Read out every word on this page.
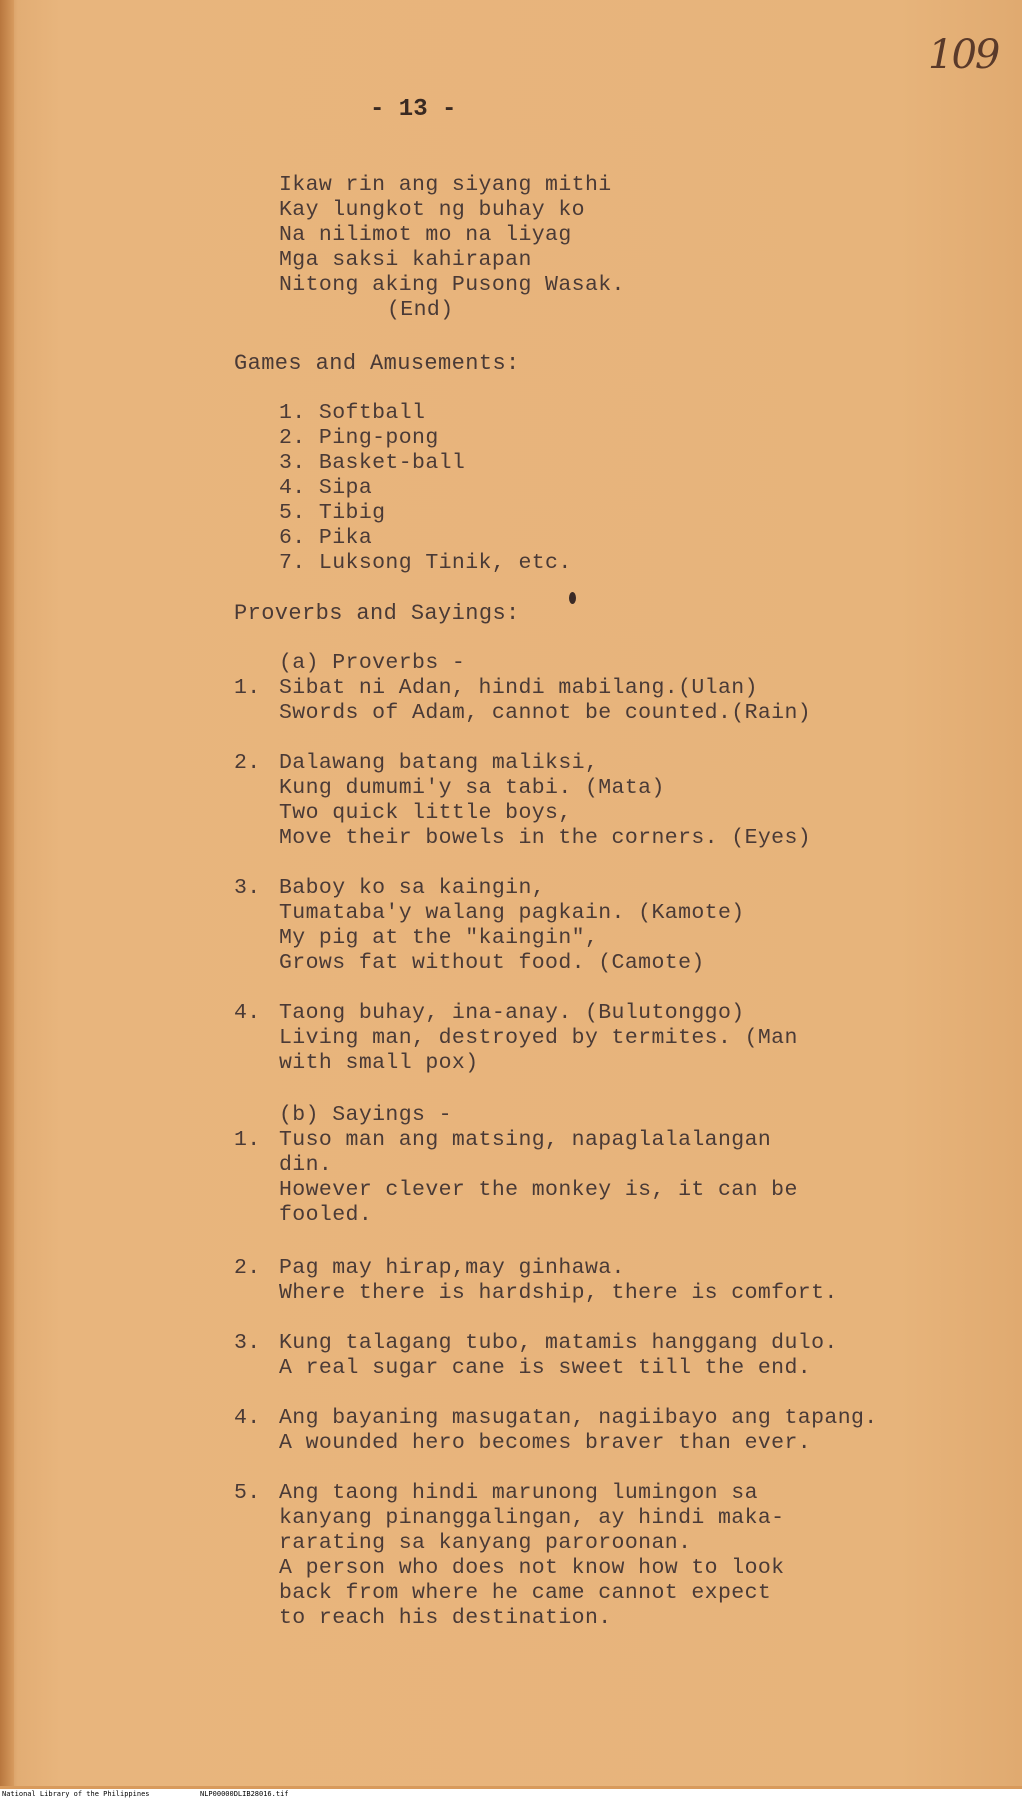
109
- 13 -
Ikaw rin ang siyang mithi
Kay lungkot ng buhay ko
Na nilimot mo na liyag
Mga saksi kahirapan
Nitong aking Pusong Wasak.
(End)
Games and Amusements:
1. Softball
2. Ping-pong
3. Basket-ball
4. Sipa
5. Tibig
6. Pika
7. Luksong Tinik, etc.
Proverbs and Sayings:
(a) Proverbs -
1. Sibat ni Adan, hindi mabilang.(Ulan)
Swords of Adam, cannot be counted.(Rain)
2. Dalawang batang maliksi,
Kung dumumi'y sa tabi. (Mata)
Two quick little boys,
Move their bowels in the corners. (Eyes)
3. Baboy ko sa kaingin,
Tumataba'y walang pagkain. (Kamote)
My pig at the "kaingin",
Grows fat without food. (Camote)
4. Taong buhay, ina-anay. (Bulutonggo)
Living man, destroyed by termites. (Man
with small pox)
(b) Sayings -
1. Tuso man ang matsing, napaglalalangan
din.
However clever the monkey is, it can be
fooled.
2. Pag may hirap,may ginhawa.
Where there is hardship, there is comfort.
3. Kung talagang tubo, matamis hanggang dulo.
A real sugar cane is sweet till the end.
4. Ang bayaning masugatan, nagiibayo ang tapang.
A wounded hero becomes braver than ever.
5. Ang taong hindi marunong lumingon sa
kanyang pinanggalingan, ay hindi maka-
rarating sa kanyang paroroonan.
A person who does not know how to look
back from where he came cannot expect
to reach his destination.
National Library of the Philippines	NLP00000DLIB28016.tif
